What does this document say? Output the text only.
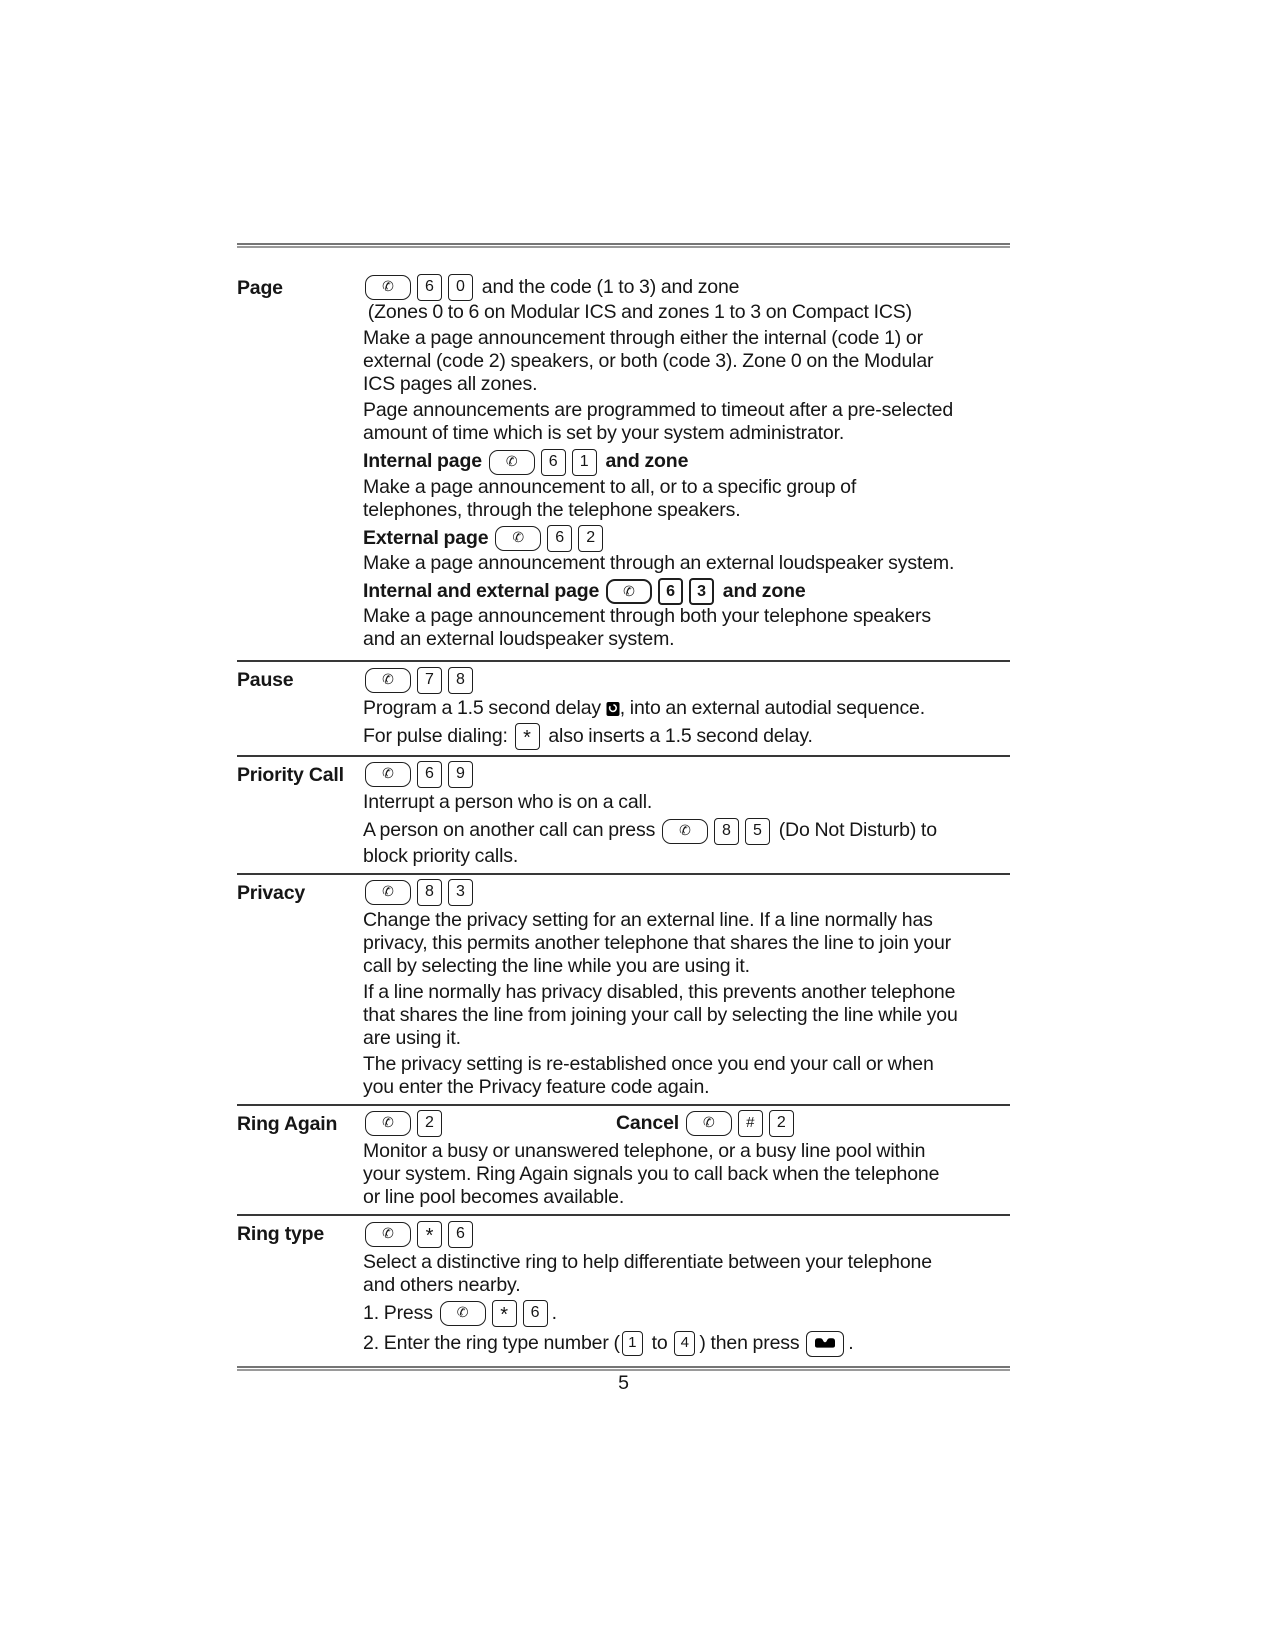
Page	✆ 6 0 and the code (1 to 3) and zone
(Zones 0 to 6 on Modular ICS and zones 1 to 3 on Compact ICS)
Make a page announcement through either the internal (code 1) or
external (code 2) speakers, or both (code 3). Zone 0 on the Modular
ICS pages all zones.
Page announcements are programmed to timeout after a pre-selected
amount of time which is set by your system administrator.
Internal page ✆ 6 1 and zone
Make a page announcement to all, or to a specific group of
telephones, through the telephone speakers.
External page ✆ 6 2
Make a page announcement through an external loudspeaker system.
Internal and external page ✆ 6 3 and zone
Make a page announcement through both your telephone speakers
and an external loudspeaker system.
Pause	✆ 7 8
Program a 1.5 second delay , into an external autodial sequence.
For pulse dialing: * also inserts a 1.5 second delay.
Priority Call	✆ 6 9
Interrupt a person who is on a call.
A person on another call can press ✆ 8 5 (Do Not Disturb) to
block priority calls.
Privacy	✆ 8 3
Change the privacy setting for an external line. If a line normally has
privacy, this permits another telephone that shares the line to join your
call by selecting the line while you are using it.
If a line normally has privacy disabled, this prevents another telephone
that shares the line from joining your call by selecting the line while you
are using it.
The privacy setting is re-established once you end your call or when
you enter the Privacy feature code again.
Ring Again	✆ 2	Cancel ✆ # 2
Monitor a busy or unanswered telephone, or a busy line pool within
your system. Ring Again signals you to call back when the telephone
or line pool becomes available.
Ring type	✆ * 6
Select a distinctive ring to help differentiate between your telephone
and others nearby.
1. Press ✆ * 6 .
2. Enter the ring type number ( 1 to 4 ) then press .
5
